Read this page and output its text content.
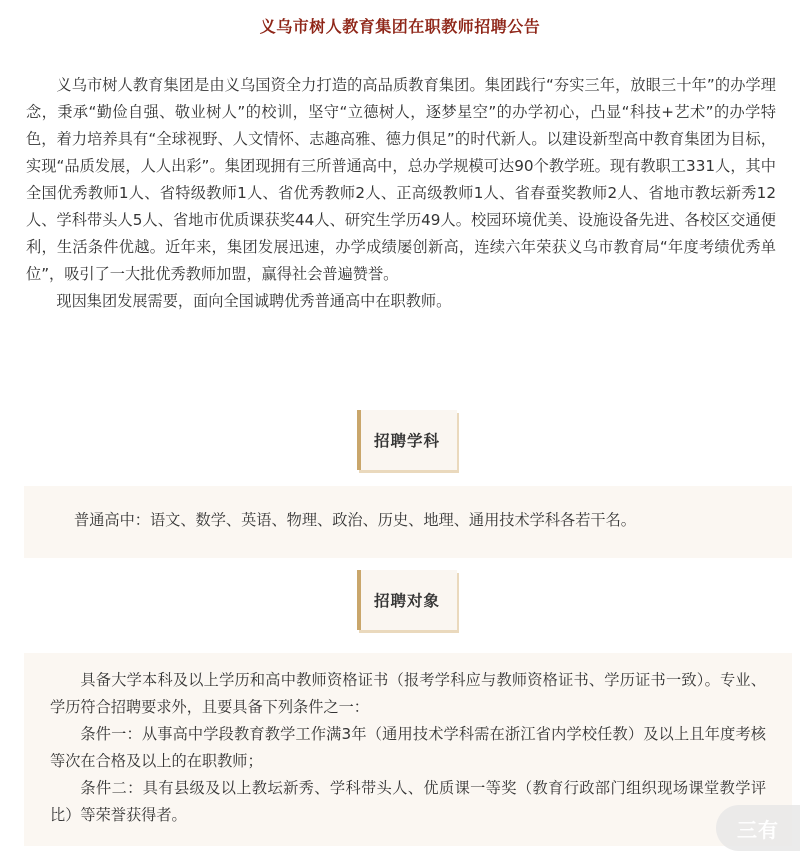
义乌市树人教育集团在职教师招聘公告

义乌市树人教育集团是由义乌国资全力打造的高品质教育集团。集团践行“夯实三年，放眼三十年”的办学理念，秉承“勤俭自强、敬业树人”的校训，坚守“立德树人，逐梦星空”的办学初心，凸显“科技+艺术”的办学特色，着力培养具有“全球视野、人文情怀、志趣高雅、德力俱足”的时代新人。以建设新型高中教育集团为目标，实现“品质发展，人人出彩”。集团现拥有三所普通高中，总办学规模可达90个教学班。现有教职工331人，其中全国优秀教师1人、省特级教师1人、省优秀教师2人、正高级教师1人、省春蚕奖教师2人、省地市教坛新秀12人、学科带头人5人、省地市优质课获奖44人、研究生学历49人。校园环境优美、设施设备先进、各校区交通便利，生活条件优越。近年来，集团发展迅速，办学成绩屡创新高，连续六年荣获义乌市教育局“年度考绩优秀单位”，吸引了一大批优秀教师加盟，赢得社会普遍赞誉。

现因集团发展需要，面向全国诚聘优秀普通高中在职教师。

招聘学科
普通高中：语文、数学、英语、物理、政治、历史、地理、通用技术学科各若干名。
招聘对象

具备大学本科及以上学历和高中教师资格证书（报考学科应与教师资格证书、学历证书一致）。专业、学历符合招聘要求外，且要具备下列条件之一：

条件一：从事高中学段教育教学工作满3年（通用技术学科需在浙江省内学校任教）及以上且年度考核等次在合格及以上的在职教师；

条件二：具有县级及以上教坛新秀、学科带头人、优质课一等奖（教育行政部门组织现场课堂教学评比）等荣誉获得者。

三有
